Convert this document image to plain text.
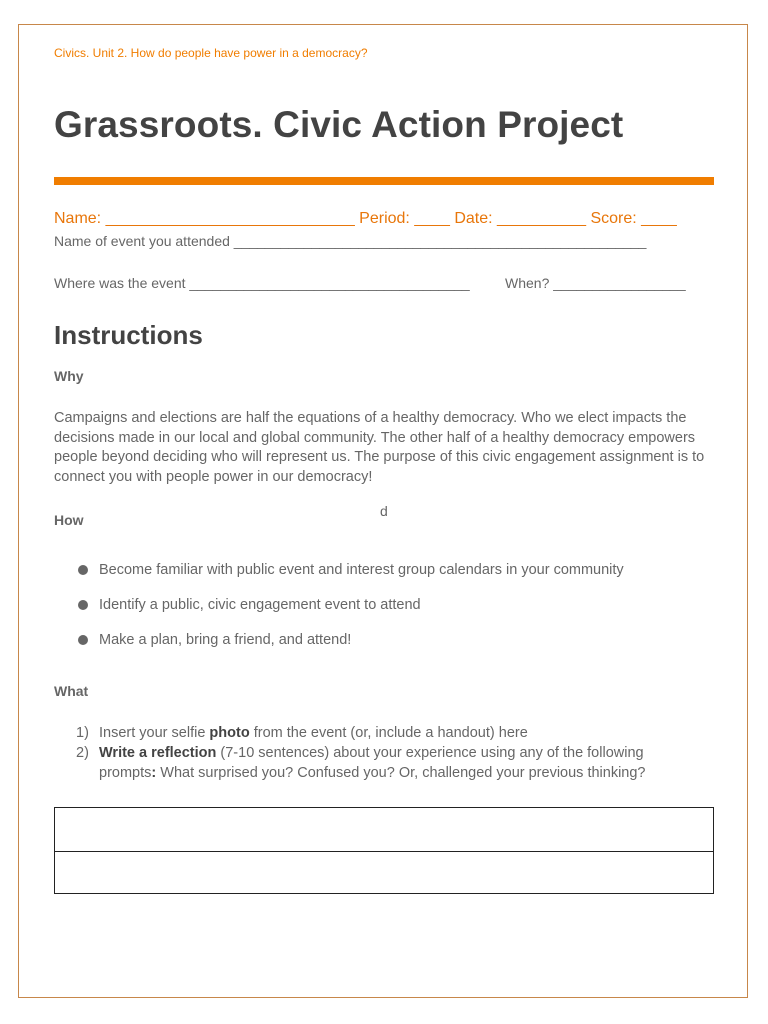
Civics. Unit 2. How do people have power in a democracy?
Grassroots. Civic Action Project
Name: ____________________________ Period: ____ Date: __________ Score: ____
Name of event you attended _____________________________________________________
Where was the event ____________________________________	When? _________________
Instructions
Why
Campaigns and elections are half the equations of a healthy democracy. Who we elect impacts the decisions made in our local and global community. The other half of a healthy democracy empowers people beyond deciding who will represent us. The purpose of this civic engagement assignment is to connect you with people power in our democracy!
How
d
Become familiar with public event and interest group calendars in your community
Identify a public, civic engagement event to attend
Make a plan, bring a friend, and attend!
What
1) Insert your selfie photo from the event (or, include a handout) here
2) Write a reflection (7-10 sentences) about your experience using any of the following
prompts: What surprised you? Confused you? Or, challenged your previous thinking?
